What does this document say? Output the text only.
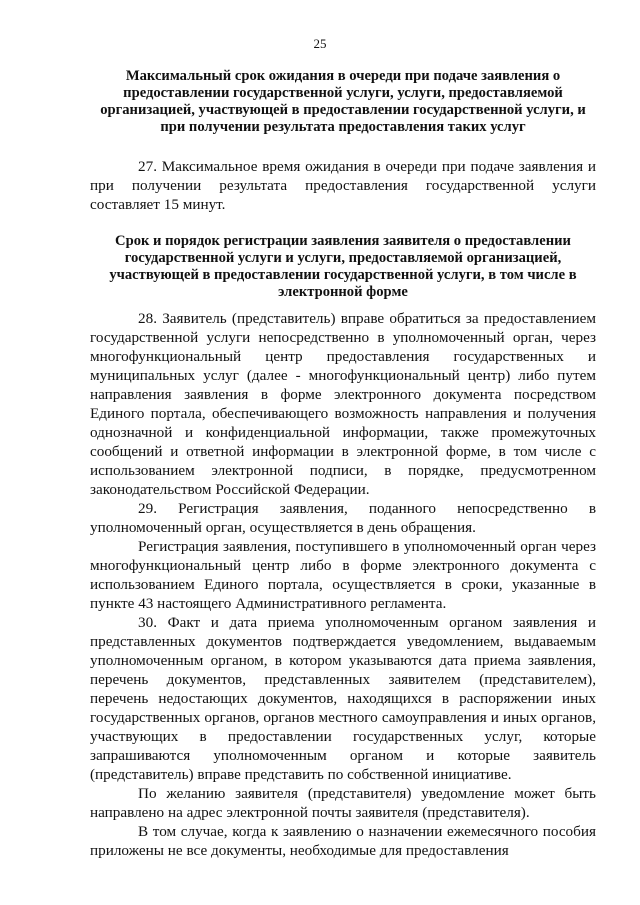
25
Максимальный срок ожидания в очереди при подаче заявления о предоставлении государственной услуги, услуги, предоставляемой организацией, участвующей в предоставлении государственной услуги, и при получении результата предоставления таких услуг

27. Максимальное время ожидания в очереди при подаче заявления и при получении результата предоставления государственной услуги составляет 15 минут.

Срок и порядок регистрации заявления заявителя о предоставлении государственной услуги и услуги, предоставляемой организацией, участвующей в предоставлении государственной услуги, в том числе в электронной форме

28. Заявитель (представитель) вправе обратиться за предоставлением государственной услуги непосредственно в уполномоченный орган, через многофункциональный центр предоставления государственных и муниципальных услуг (далее - многофункциональный центр) либо путем направления заявления в форме электронного документа посредством Единого портала, обеспечивающего возможность направления и получения однозначной и конфиденциальной информации, также промежуточных сообщений и ответной информации в электронной форме, в том числе с использованием электронной подписи, в порядке, предусмотренном законодательством Российской Федерации.

29. Регистрация заявления, поданного непосредственно в уполномоченный орган, осуществляется в день обращения.

Регистрация заявления, поступившего в уполномоченный орган через многофункциональный центр либо в форме электронного документа с использованием Единого портала, осуществляется в сроки, указанные в пункте 43 настоящего Административного регламента.

30. Факт и дата приема уполномоченным органом заявления и представленных документов подтверждается уведомлением, выдаваемым уполномоченным органом, в котором указываются дата приема заявления, перечень документов, представленных заявителем (представителем), перечень недостающих документов, находящихся в распоряжении иных государственных органов, органов местного самоуправления и иных органов, участвующих в предоставлении государственных услуг, которые запрашиваются уполномоченным органом и которые заявитель (представитель) вправе представить по собственной инициативе.

По желанию заявителя (представителя) уведомление может быть направлено на адрес электронной почты заявителя (представителя).

В том случае, когда к заявлению о назначении ежемесячного пособия приложены не все документы, необходимые для предоставления
